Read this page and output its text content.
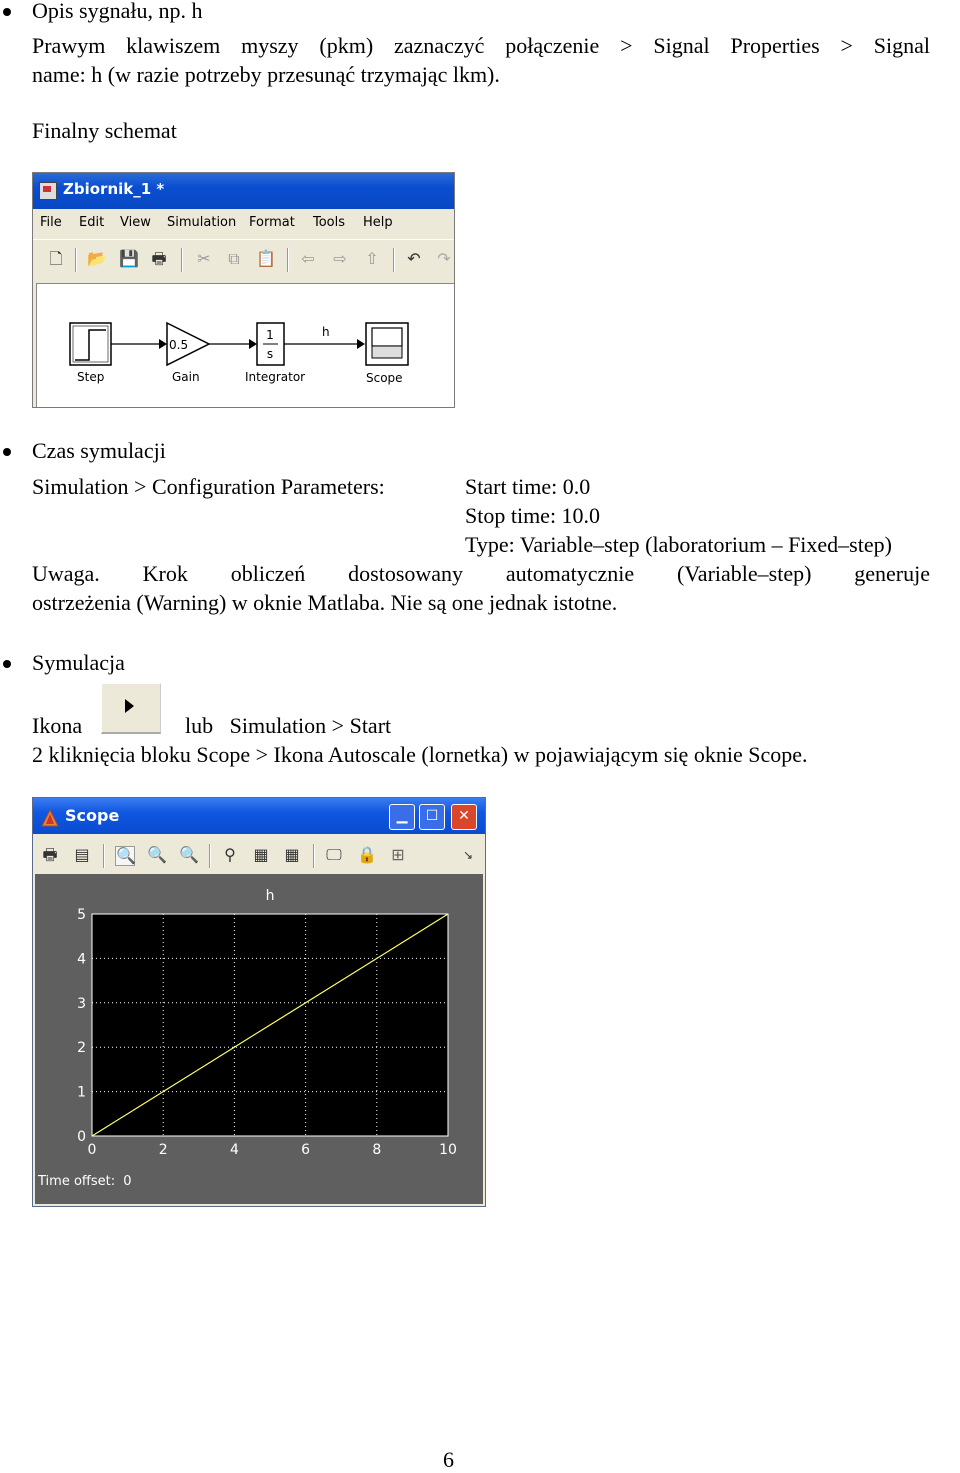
Opis sygnału, np. h
Prawym klawiszem myszy (pkm) zaznaczyć połączenie > Signal Properties > Signal
name: h (w razie potrzeby przesunąć trzymając lkm).
Finalny schemat
Zbiornik_1 *
File Edit View Simulation Format Tools Help
🗋 📂 💾 🖶 ✂ ⧉ 📋 ⇦ ⇨ ⇧ ↶ ↷
0.5
1
s
h
Step	Gain	Integrator	Scope
Czas symulacji
Simulation > Configuration Parameters:	Start time: 0.0
Stop time: 10.0
Type: Variable–step (laboratorium – Fixed–step)
Uwaga. Krok obliczeń dostosowany automatycznie (Variable–step) generuje
ostrzeżenia (Warning) w oknie Matlaba. Nie są one jednak istotne.
Symulacja
Ikona	lub   Simulation > Start
2 kliknięcia bloku Scope > Ikona Autoscale (lornetka) w pojawiającym się oknie Scope.
Scope	▁	☐	✕
🖶 ▤ 🔍 🔍 🔍 ⚲ ▦ ▦ 🖵 🔒 ⊞	↘
0	2	4	6	8	10
0
1
2
3
4
5
h
Time offset: 0
6
